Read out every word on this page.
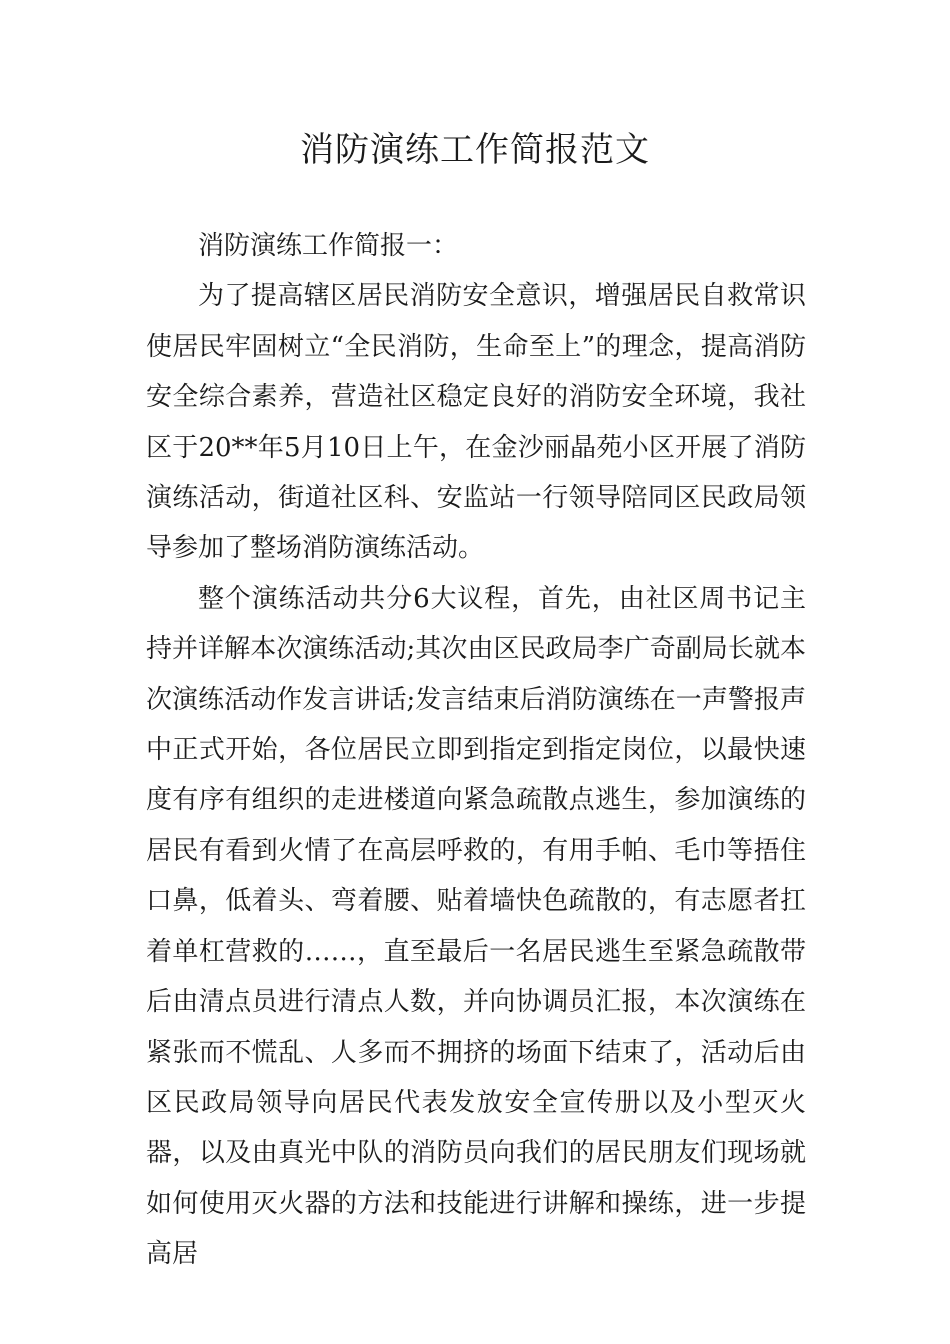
消防演练工作简报范文

消防演练工作简报一：

为了提高辖区居民消防安全意识，增强居民自救常识使居民牢固树立“全民消防，生命至上”的理念，提高消防安全综合素养，营造社区稳定良好的消防安全环境，我社区于20**年5月10日上午，在金沙丽晶苑小区开展了消防演练活动，街道社区科、安监站一行领导陪同区民政局领导参加了整场消防演练活动。

整个演练活动共分6大议程，首先，由社区周书记主持并详解本次演练活动;其次由区民政局李广奇副局长就本次演练活动作发言讲话;发言结束后消防演练在一声警报声中正式开始，各位居民立即到指定到指定岗位，以最快速度有序有组织的走进楼道向紧急疏散点逃生，参加演练的居民有看到火情了在高层呼救的，有用手帕、毛巾等捂住口鼻，低着头、弯着腰、贴着墙快色疏散的，有志愿者扛着单杠营救的……，直至最后一名居民逃生至紧急疏散带后由清点员进行清点人数，并向协调员汇报，本次演练在紧张而不慌乱、人多而不拥挤的场面下结束了，活动后由区民政局领导向居民代表发放安全宣传册以及小型灭火器，以及由真光中队的消防员向我们的居民朋友们现场就如何使用灭火器的方法和技能进行讲解和操练，进一步提高居
